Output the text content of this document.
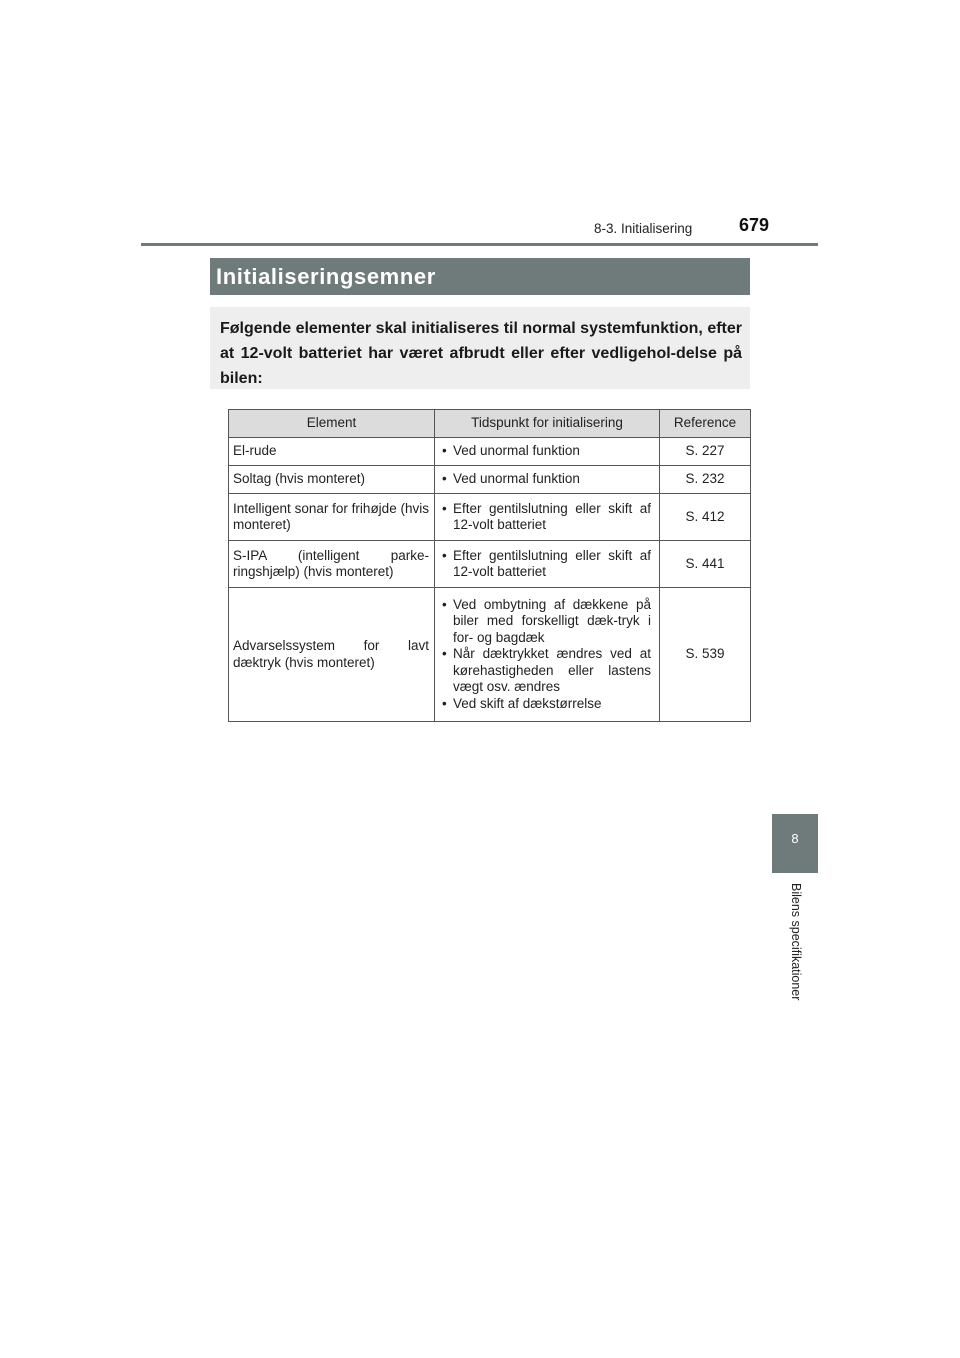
8-3. Initialisering	679
Initialiseringsemner
Følgende elementer skal initialiseres til normal systemfunktion, efter at 12-volt batteriet har været afbrudt eller efter vedligehol-delse på bilen:
Element	Tidspunkt for initialisering	Reference
El-rude	• Ved unormal funktion	S. 227
Soltag (hvis monteret)	• Ved unormal funktion	S. 232
Intelligent sonar for frihøjde (hvis monteret)	• Efter gentilslutning eller skift af 12-volt batteriet	S. 412
S-IPA (intelligent parke-ringshjælp) (hvis monteret)	• Efter gentilslutning eller skift af 12-volt batteriet	S. 441
Advarselssystem for lavt dæktryk (hvis monteret)	• Ved ombytning af dækkene på biler med forskelligt dæk-tryk i for- og bagdæk
• Når dæktrykket ændres ved at kørehastigheden eller lastens vægt osv. ændres
• Ved skift af dækstørrelse	S. 539
8
Bilens specifikationer
